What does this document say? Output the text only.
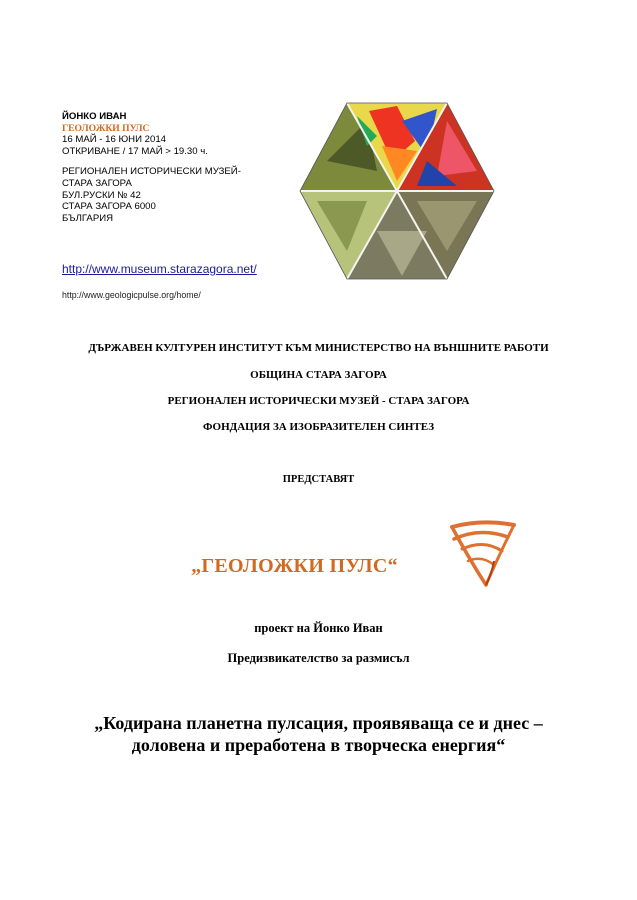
ЙОНКО ИВАН
ГЕОЛОЖКИ ПУЛС
16 МАЙ - 16 ЮНИ 2014
ОТКРИВАНЕ / 17 МАЙ > 19.30 ч.
РЕГИОНАЛЕН ИСТОРИЧЕСКИ МУЗЕЙ-
СТАРА ЗАГОРА
БУЛ.РУСКИ № 42
СТАРА ЗАГОРА 6000
БЪЛГАРИЯ
http://www.museum.starazagora.net/
http://www.geologicpulse.org/home/
ДЪРЖАВЕН КУЛТУРЕН ИНСТИТУТ КЪМ МИНИСТЕРСТВО НА ВЪНШНИТЕ РАБОТИ
ОБЩИНА СТАРА ЗАГОРА
РЕГИОНАЛЕН ИСТОРИЧЕСКИ МУЗЕЙ - СТАРА ЗАГОРА
ФОНДАЦИЯ ЗА ИЗОБРАЗИТЕЛЕН СИНТЕЗ
ПРЕДСТАВЯТ
„ГЕОЛОЖКИ ПУЛС“
проект на Йонко Иван
Предизвикателство за размисъл
„Кодирана планетна пулсация, проявяваща се и днес –
доловена и преработена в творческа енергия“
